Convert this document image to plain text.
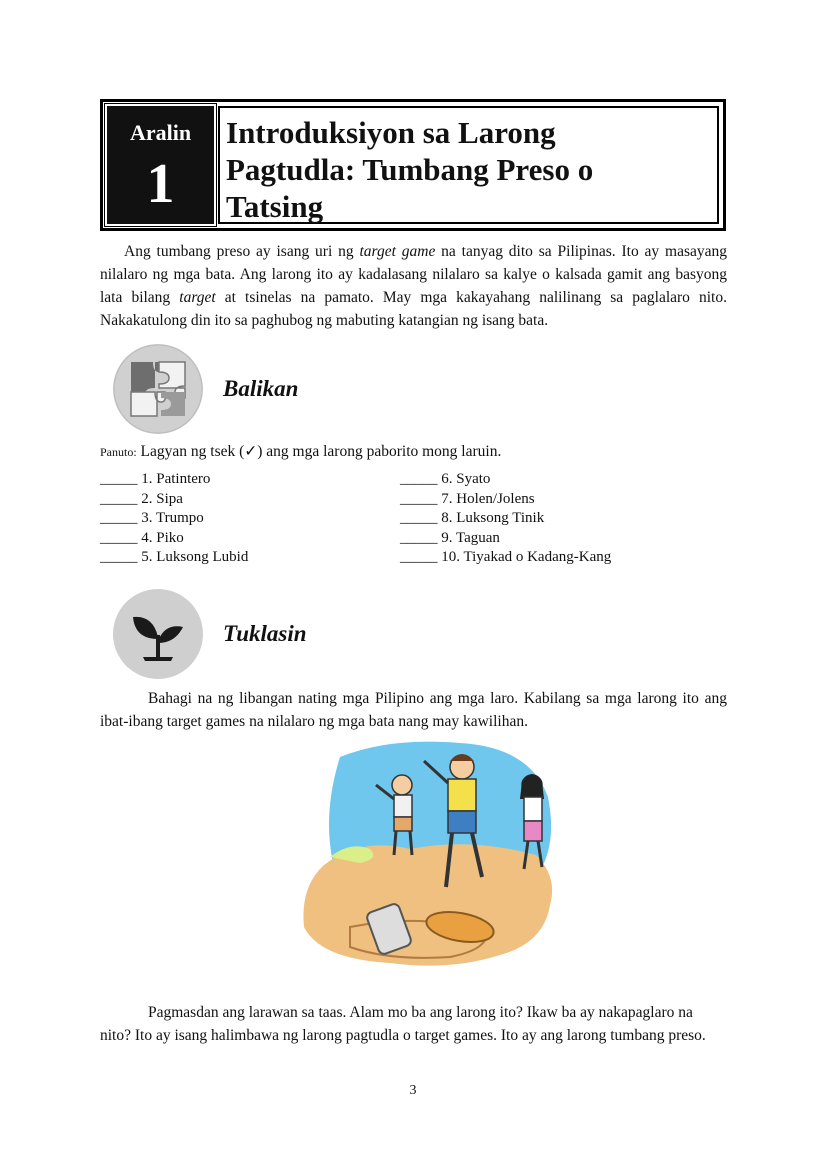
Aralin
1
Introduksiyon sa Larong
Pagtudla: Tumbang Preso o
Tatsing
Ang tumbang preso ay isang uri ng target game na tanyag dito sa Pilipinas. Ito ay masayang nilalaro ng mga bata. Ang larong ito ay kadalasang nilalaro sa kalye o kalsada gamit ang basyong lata bilang target at tsinelas na pamato. May mga kakayahang nalilinang sa paglalaro nito. Nakakatulong din ito sa paghubog ng mabuting katangian ng isang bata.
Balikan
Panuto: Lagyan ng tsek (✓) ang mga larong paborito mong laruin.
_____ 1. Patintero
_____ 2. Sipa
_____ 3. Trumpo
_____ 4. Piko
_____ 5. Luksong Lubid
_____ 6. Syato
_____ 7. Holen/Jolens
_____ 8. Luksong Tinik
_____ 9. Taguan
_____ 10. Tiyakad o Kadang-Kang
Tuklasin
Bahagi na ng libangan nating mga Pilipino ang mga laro. Kabilang sa mga larong ito ang ibat-ibang target games na nilalaro ng mga bata nang may kawilihan.
Pagmasdan ang larawan sa taas. Alam mo ba ang larong ito? Ikaw ba ay nakapaglaro na nito? Ito ay isang halimbawa ng larong pagtudla o target games. Ito ay ang larong tumbang preso.
3
